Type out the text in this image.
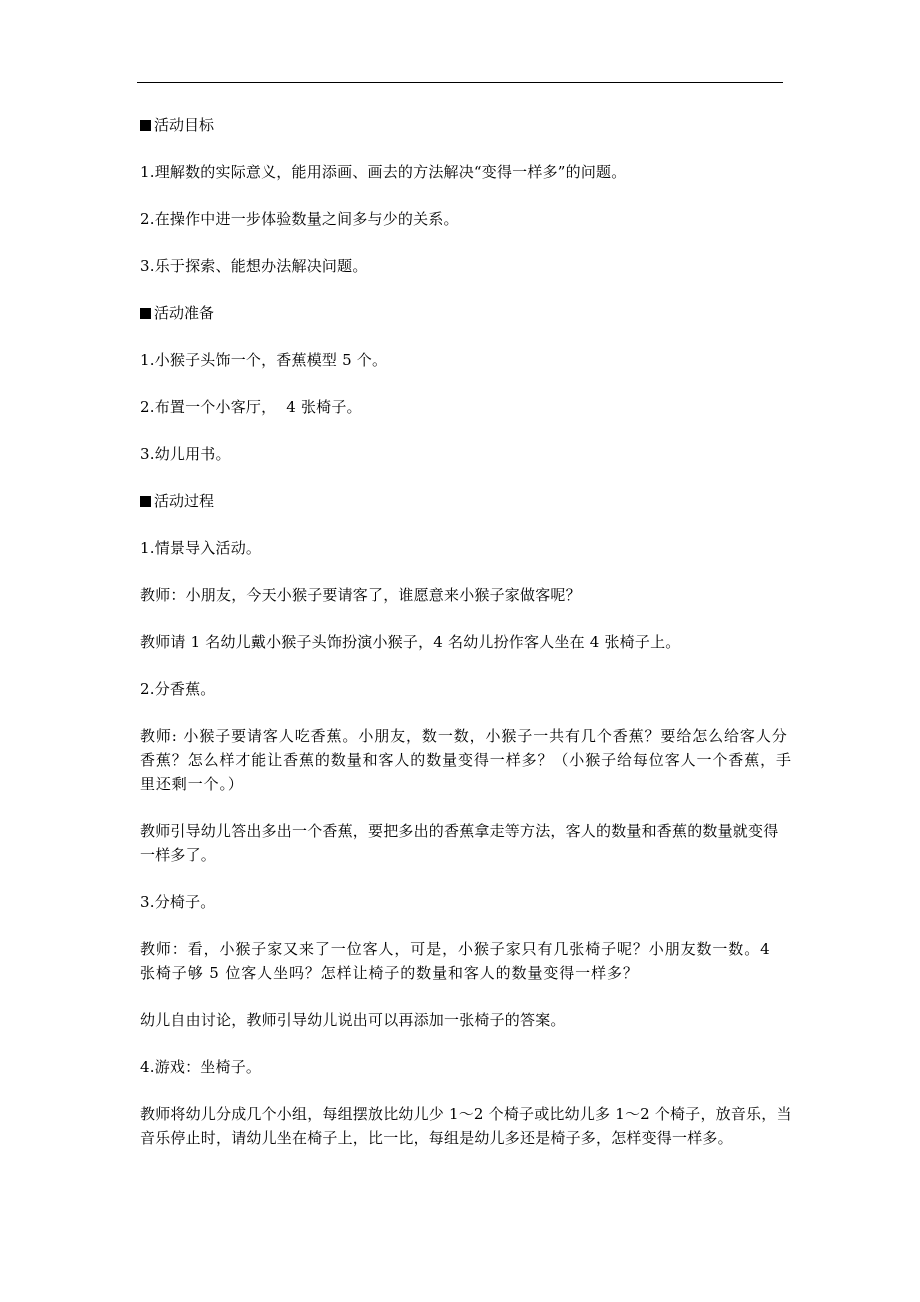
活动目标

1.理解数的实际意义，能用添画、画去的方法解决“变得一样多”的问题。

2.在操作中进一步体验数量之间多与少的关系。

3.乐于探索、能想办法解决问题。

活动准备

1.小猴子头饰一个，香蕉模型 5 个。

2.布置一个小客厅，  4 张椅子。

3.幼儿用书。

活动过程

1.情景导入活动。

教师：小朋友，今天小猴子要请客了，谁愿意来小猴子家做客呢？

教师请 1 名幼儿戴小猴子头饰扮演小猴子，4 名幼儿扮作客人坐在 4 张椅子上。

2.分香蕉。

教师: 小猴子要请客人吃香蕉。小朋友，数一数，小猴子一共有几个香蕉？要给怎么给客人分香蕉？怎么样才能让香蕉的数量和客人的数量变得一样多？（小猴子给每位客人一个香蕉，手里还剩一个。）

教师引导幼儿答出多出一个香蕉，要把多出的香蕉拿走等方法，客人的数量和香蕉的数量就变得一样多了。

3.分椅子。

教师：看，小猴子家又来了一位客人，可是，小猴子家只有几张椅子呢？小朋友数一数。4 张椅子够 5 位客人坐吗？怎样让椅子的数量和客人的数量变得一样多？

幼儿自由讨论，教师引导幼儿说出可以再添加一张椅子的答案。

4.游戏：坐椅子。

教师将幼儿分成几个小组，每组摆放比幼儿少 1～2 个椅子或比幼儿多 1～2 个椅子，放音乐，当音乐停止时，请幼儿坐在椅子上，比一比，每组是幼儿多还是椅子多，怎样变得一样多。
